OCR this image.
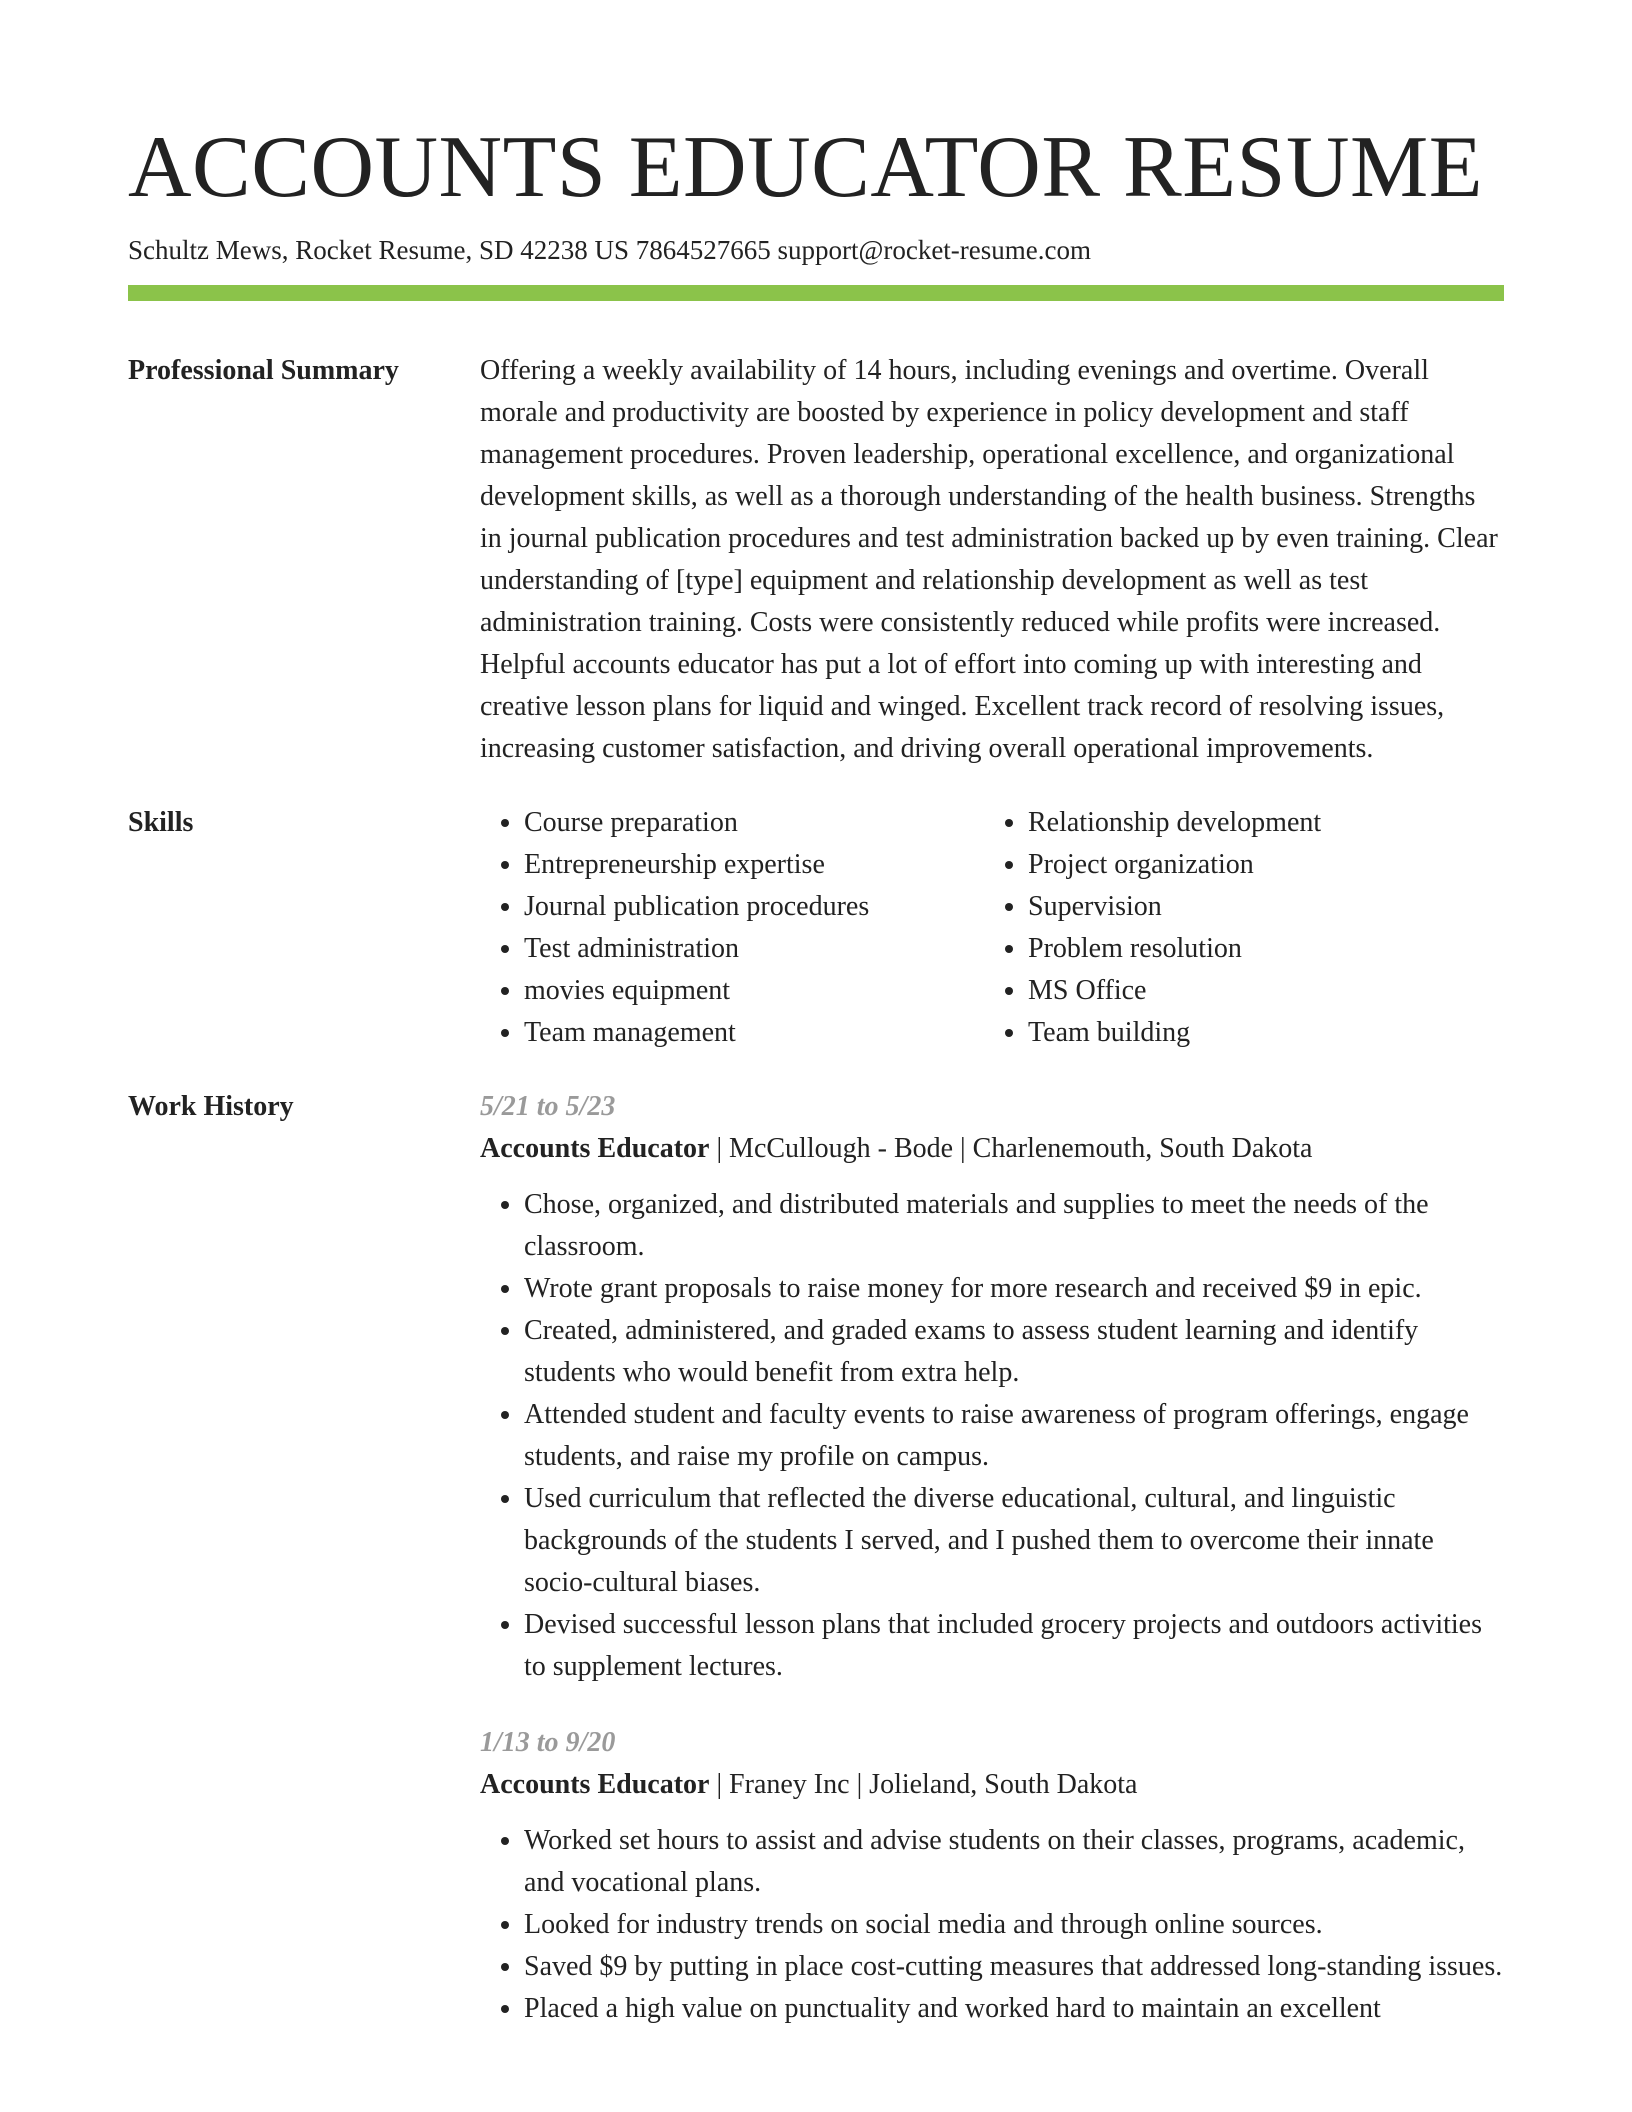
ACCOUNTS EDUCATOR RESUME
Schultz Mews, Rocket Resume, SD 42238 US 7864527665 support@rocket-resume.com
Professional Summary	Offering a weekly availability of 14 hours, including evenings and overtime. Overall morale and productivity are boosted by experience in policy development and staff management procedures. Proven leadership, operational excellence, and organizational development skills, as well as a thorough understanding of the health business. Strengths in journal publication procedures and test administration backed up by even training. Clear understanding of [type] equipment and relationship development as well as test administration training. Costs were consistently reduced while profits were increased. Helpful accounts educator has put a lot of effort into coming up with interesting and creative lesson plans for liquid and winged. Excellent track record of resolving issues, increasing customer satisfaction, and driving overall operational improvements.

Skills
•	Course preparation
• Entrepreneurship expertise
• Journal publication procedures
• Test administration
• movies equipment
• Team management
• Relationship development
• Project organization
• Supervision
• Problem resolution
• MS Office
• Team building
Work History	5/21 to 5/23
Accounts Educator | McCullough - Bode | Charlenemouth, South Dakota
• Chose, organized, and distributed materials and supplies to meet the needs of the classroom.
• Wrote grant proposals to raise money for more research and received $9 in epic.
• Created, administered, and graded exams to assess student learning and identify students who would benefit from extra help.
• Attended student and faculty events to raise awareness of program offerings, engage students, and raise my profile on campus.
• Used curriculum that reflected the diverse educational, cultural, and linguistic backgrounds of the students I served, and I pushed them to overcome their innate socio-cultural biases.
• Devised successful lesson plans that included grocery projects and outdoors activities to supplement lectures.
1/13 to 9/20
Accounts Educator | Franey Inc | Jolieland, South Dakota
• Worked set hours to assist and advise students on their classes, programs, academic, and vocational plans.
• Looked for industry trends on social media and through online sources.
• Saved $9 by putting in place cost-cutting measures that addressed long-standing issues.
• Placed a high value on punctuality and worked hard to maintain an excellent
